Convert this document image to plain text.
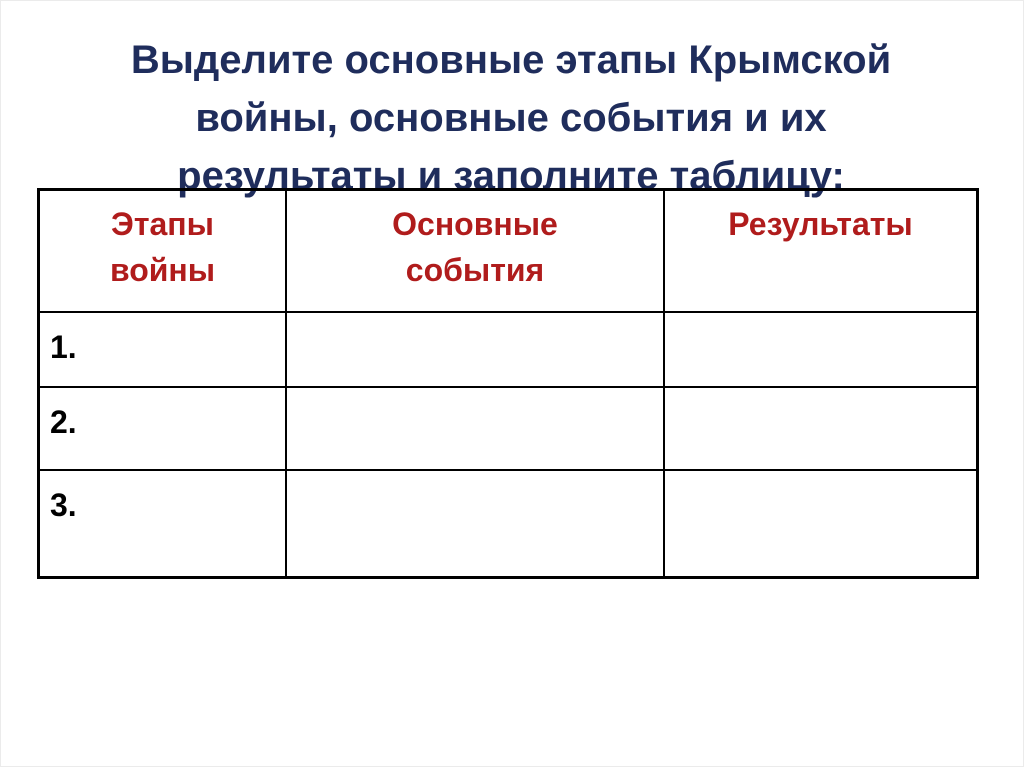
Выделите основные этапы Крымской
войны, основные события и их
результаты и заполните таблицу:
Этапы войны	Основные события	Результаты

1.		

2.		

3.		
